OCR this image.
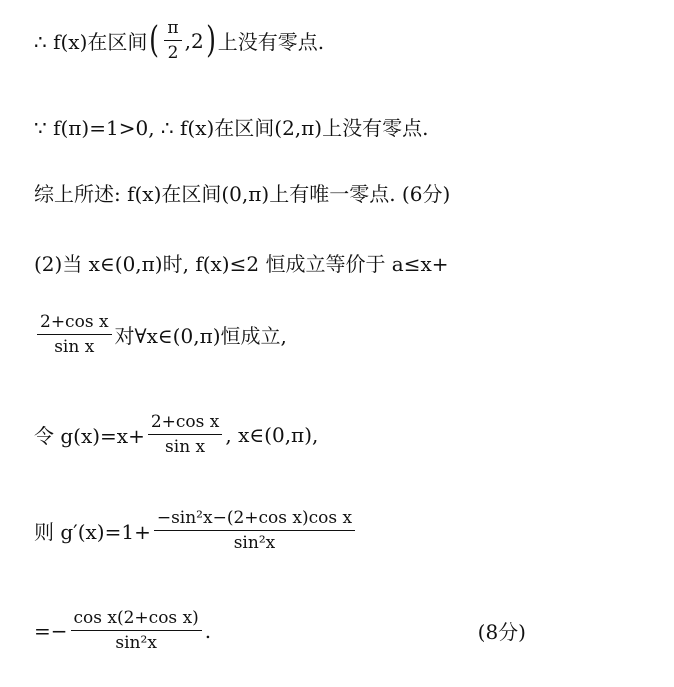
∴ f(x)在区间 ( $\frac{\pi}{2} ,2$ ) 上没有零点.
∵ f(π)=1>0, ∴ f(x)在区间(2,π)上没有零点.
综上所述: f(x)在区间(0,π)上有唯一零点. (6分)
(2)当 x∈(0,π)时, f(x)≤2 恒成立等价于 a≤x+
$\frac{\text{2+cos x}}{\text{sin x}}$ 对∀x∈(0,π)恒成立,
令 $g(x)=x+ \frac{\text{2+cos x}}{\text{sin x}}$ , x∈(0,π),
则 $g'(x)=1+ \frac{\text{−sin²x−(2+cos x)cos x}}{\text{sin²x}}$
=− $\frac{\text{cos x(2+cos x)}}{\text{sin²x}}$ .	(8分)
